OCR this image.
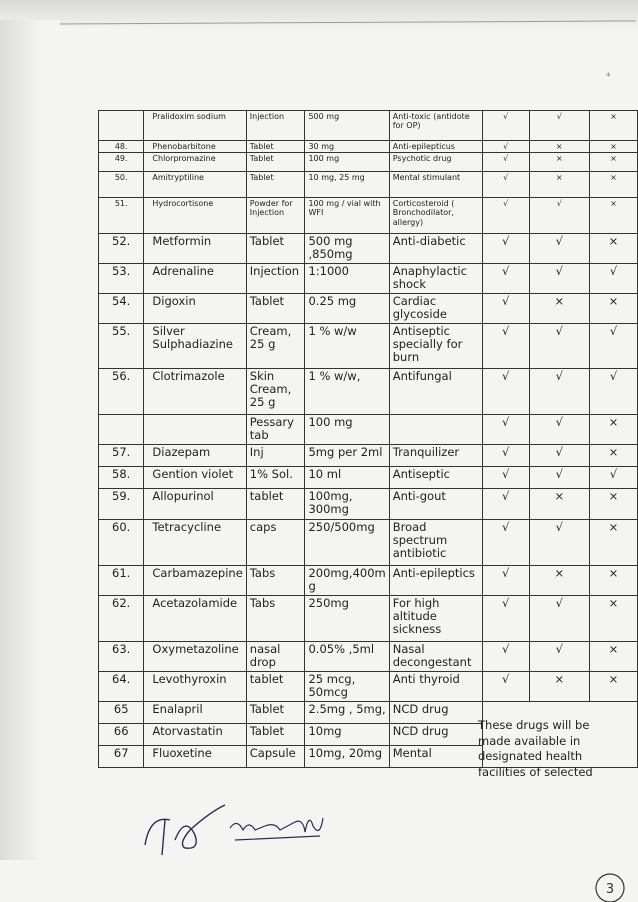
*
	Pralidoxim sodium	Injection	500 mg	Anti-toxic (antidote for OP)	√	√	×
48.	Phenobarbitone	Tablet	30 mg	Anti-epilepticus	√	×	×
49.	Chlorpromazine	Tablet	100 mg	Psychotic drug	√	×	×
50.	Amitryptiline	Tablet	10 mg, 25 mg	Mental stimulant	√	×	×
51.	Hydrocortisone	Powder for Injection	100 mg / vial with WFI	Corticosteroid ( Bronchodilator, allergy)	√	√	×
52.	Metformin	Tablet	500 mg ,850mg	Anti-diabetic	√	√	×
53.	Adrenaline	Injection	1:1000	Anaphylactic shock	√	√	√
54.	Digoxin	Tablet	0.25 mg	Cardiac glycoside	√	×	×
55.	Silver Sulphadiazine	Cream, 25 g	1 % w/w	Antiseptic specially for burn	√	√	√
56.	Clotrimazole	Skin Cream, 25 g	1 % w/w,	Antifungal	√	√	√
		Pessary tab	100 mg		√	√	×
57.	Diazepam	Inj	5mg per 2ml	Tranquilizer	√	√	×
58.	Gention violet	1% Sol.	10 ml	Antiseptic	√	√	√
59.	Allopurinol	tablet	100mg, 300mg	Anti-gout	√	×	×
60.	Tetracycline	caps	250/500mg	Broad spectrum antibiotic	√	√	×
61.	Carbamazepine	Tabs	200mg,400m g	Anti-epileptics	√	×	×
62.	Acetazolamide	Tabs	250mg	For high altitude sickness	√	√	×
63.	Oxymetazoline	nasal drop	0.05% ,5ml	Nasal decongestant	√	√	×
64.	Levothyroxin	tablet	25 mcg, 50mcg	Anti thyroid	√	×	×
65	Enalapril	Tablet	2.5mg , 5mg,	NCD drug			
66	Atorvastatin	Tablet	10mg	NCD drug			
67	Fluoxetine	Capsule	10mg, 20mg	Mental			
These drugs will be made available in designated health facilities of selected
3
